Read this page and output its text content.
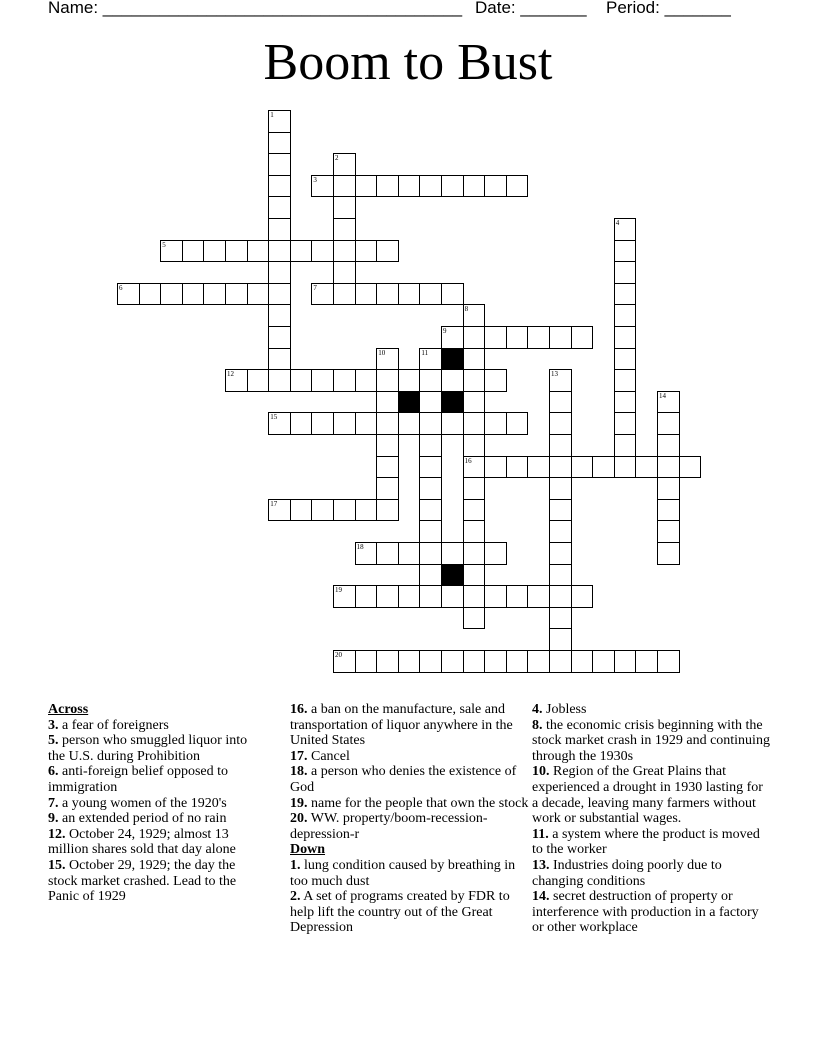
Name: ______________________________________ Date: _______ Period: _______
Boom to Bust
1
2
3
4
5
6	7
8
16
9
10	11
12	13
14
15
17
18
19
20
Across
3. a fear of foreigners
5. person who smuggled liquor into the U.S. during Prohibition
6. anti-foreign belief opposed to immigration
7. a young women of the 1920's
9. an extended period of no rain
12. October 24, 1929; almost 13 million shares sold that day alone
15. October 29, 1929; the day the stock market crashed. Lead to the Panic of 1929
16. a ban on the manufacture, sale and transportation of liquor anywhere in the United States
17. Cancel
18. a person who denies the existence of God
19. name for the people that own the stock
20. WW. property/boom-recession-depression-r
Down
1. lung condition caused by breathing in too much dust
2. A set of programs created by FDR to help lift the country out of the Great Depression
4. Jobless
8. the economic crisis beginning with the stock market crash in 1929 and continuing through the 1930s
10. Region of the Great Plains that experienced a drought in 1930 lasting for a decade, leaving many farmers without work or substantial wages.
11. a system where the product is moved to the worker
13. Industries doing poorly due to changing conditions
14. secret destruction of property or interference with production in a factory or other workplace
